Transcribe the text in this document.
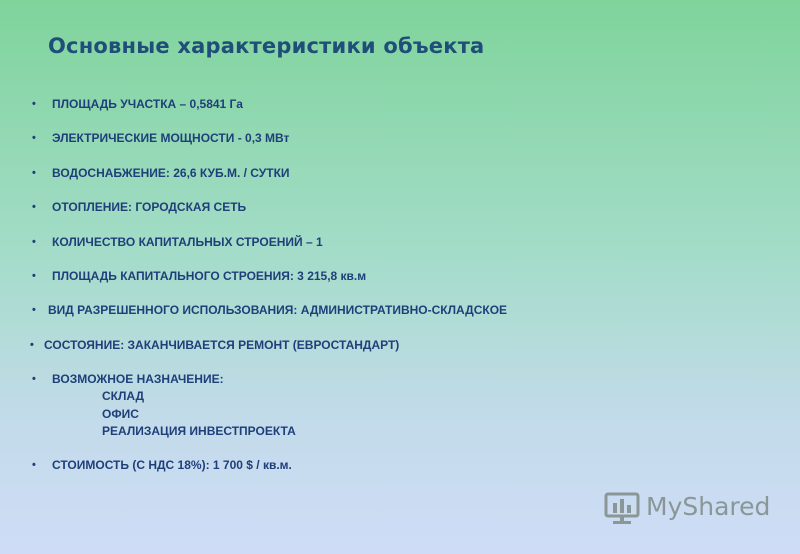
Основные характеристики объекта
• ПЛОЩАДЬ УЧАСТКА – 0,5841 Га
• ЭЛЕКТРИЧЕСКИЕ МОЩНОСТИ - 0,3 МВт
• ВОДОСНАБЖЕНИЕ: 26,6 КУБ.М. / СУТКИ
• ОТОПЛЕНИЕ: ГОРОДСКАЯ СЕТЬ
• КОЛИЧЕСТВО КАПИТАЛЬНЫХ СТРОЕНИЙ – 1
• ПЛОЩАДЬ КАПИТАЛЬНОГО СТРОЕНИЯ: 3 215,8 кв.м
• ВИД РАЗРЕШЕННОГО ИСПОЛЬЗОВАНИЯ: АДМИНИСТРАТИВНО-СКЛАДСКОЕ
• СОСТОЯНИЕ: ЗАКАНЧИВАЕТСЯ РЕМОНТ (ЕВРОСТАНДАРТ)
• ВОЗМОЖНОЕ НАЗНАЧЕНИЕ:
СКЛАД
ОФИС
РЕАЛИЗАЦИЯ ИНВЕСТПРОЕКТА
• СТОИМОСТЬ (С НДС 18%): 1 700 $ / кв.м.
MyShared
